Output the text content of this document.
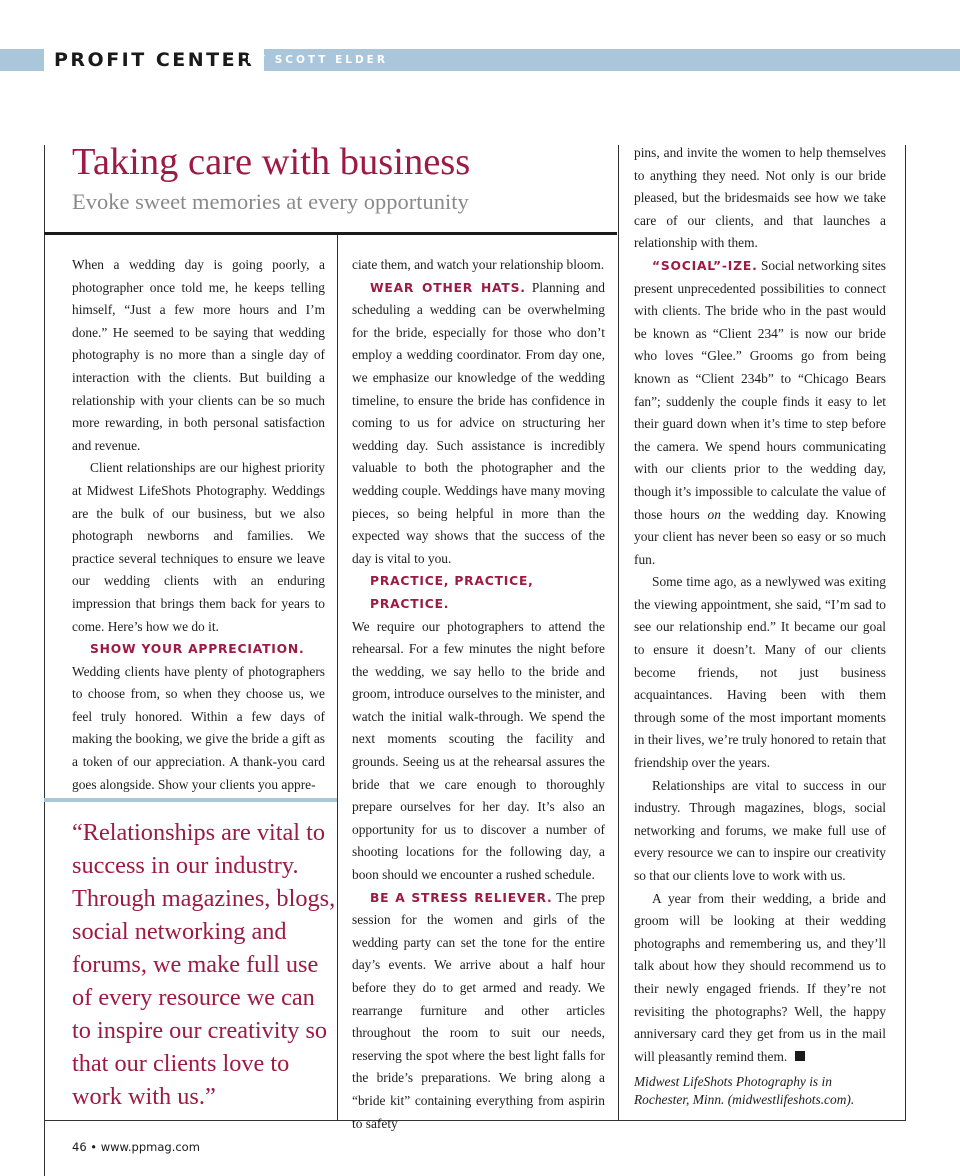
PROFIT CENTER
BY SCOTT ELDER
Taking care with business
Evoke sweet memories at every opportunity

When a wedding day is going poorly, a photographer once told me, he keeps telling himself, “Just a few more hours and I’m done.” He seemed to be saying that wedding photography is no more than a single day of interaction with the clients. But building a relationship with your clients can be so much more rewarding, in both personal satisfaction and revenue.

Client relationships are our highest priority at Midwest LifeShots Photography. Weddings are the bulk of our business, but we also photograph newborns and families. We practice several techniques to ensure we leave our wedding clients with an enduring impression that brings them back for years to come. Here’s how we do it.

SHOW YOUR APPRECIATION.

Wedding clients have plenty of photographers to choose from, so when they choose us, we feel truly honored. Within a few days of making the booking, we give the bride a gift as a token of our appreciation. A thank-you card goes alongside. Show your clients you appre-

“Relationships are vital to success in our industry. Through magazines, blogs, social networking and forums, we make full use of every resource we can to inspire our creativity so that our clients love to work with us.”

ciate them, and watch your relationship bloom.

WEAR OTHER HATS. Planning and scheduling a wedding can be overwhelming for the bride, especially for those who don’t employ a wedding coordinator. From day one, we emphasize our knowledge of the wedding timeline, to ensure the bride has confidence in coming to us for advice on structuring her wedding day. Such assistance is incredibly valuable to both the photographer and the wedding couple. Weddings have many moving pieces, so being helpful in more than the expected way shows that the success of the day is vital to you.

PRACTICE, PRACTICE, PRACTICE.

We require our photographers to attend the rehearsal. For a few minutes the night before the wedding, we say hello to the bride and groom, introduce ourselves to the minister, and watch the initial walk-through. We spend the next moments scouting the facility and grounds. Seeing us at the rehearsal assures the bride that we care enough to thoroughly prepare ourselves for her day. It’s also an opportunity for us to discover a number of shooting locations for the following day, a boon should we encounter a rushed schedule.

BE A STRESS RELIEVER. The prep session for the women and girls of the wedding party can set the tone for the entire day’s events. We arrive about a half hour before they do to get armed and ready. We rearrange furniture and other articles throughout the room to suit our needs, reserving the spot where the best light falls for the bride’s preparations. We bring along a “bride kit” containing everything from aspirin to safety

pins, and invite the women to help themselves to anything they need. Not only is our bride pleased, but the bridesmaids see how we take care of our clients, and that launches a relationship with them.

“SOCIAL”-IZE. Social networking sites present unprecedented possibilities to connect with clients. The bride who in the past would be known as “Client 234” is now our bride who loves “Glee.” Grooms go from being known as “Client 234b” to “Chicago Bears fan”; suddenly the couple finds it easy to let their guard down when it’s time to step before the camera. We spend hours communicating with our clients prior to the wedding day, though it’s impossible to calculate the value of those hours on the wedding day. Knowing your client has never been so easy or so much fun.

Some time ago, as a newlywed was exiting the viewing appointment, she said, “I’m sad to see our relationship end.” It became our goal to ensure it doesn’t. Many of our clients become friends, not just business acquaintances. Having been with them through some of the most important moments in their lives, we’re truly honored to retain that friendship over the years.

Relationships are vital to success in our industry. Through magazines, blogs, social networking and forums, we make full use of every resource we can to inspire our creativity so that our clients love to work with us.

A year from their wedding, a bride and groom will be looking at their wedding photographs and remembering us, and they’ll talk about how they should recommend us to their newly engaged friends. If they’re not revisiting the photographs? Well, the happy anniversary card they get from us in the mail will pleasantly remind them.

Midwest LifeShots Photography is in Rochester, Minn. (midwestlifeshots.com).
46 • www.ppmag.com
